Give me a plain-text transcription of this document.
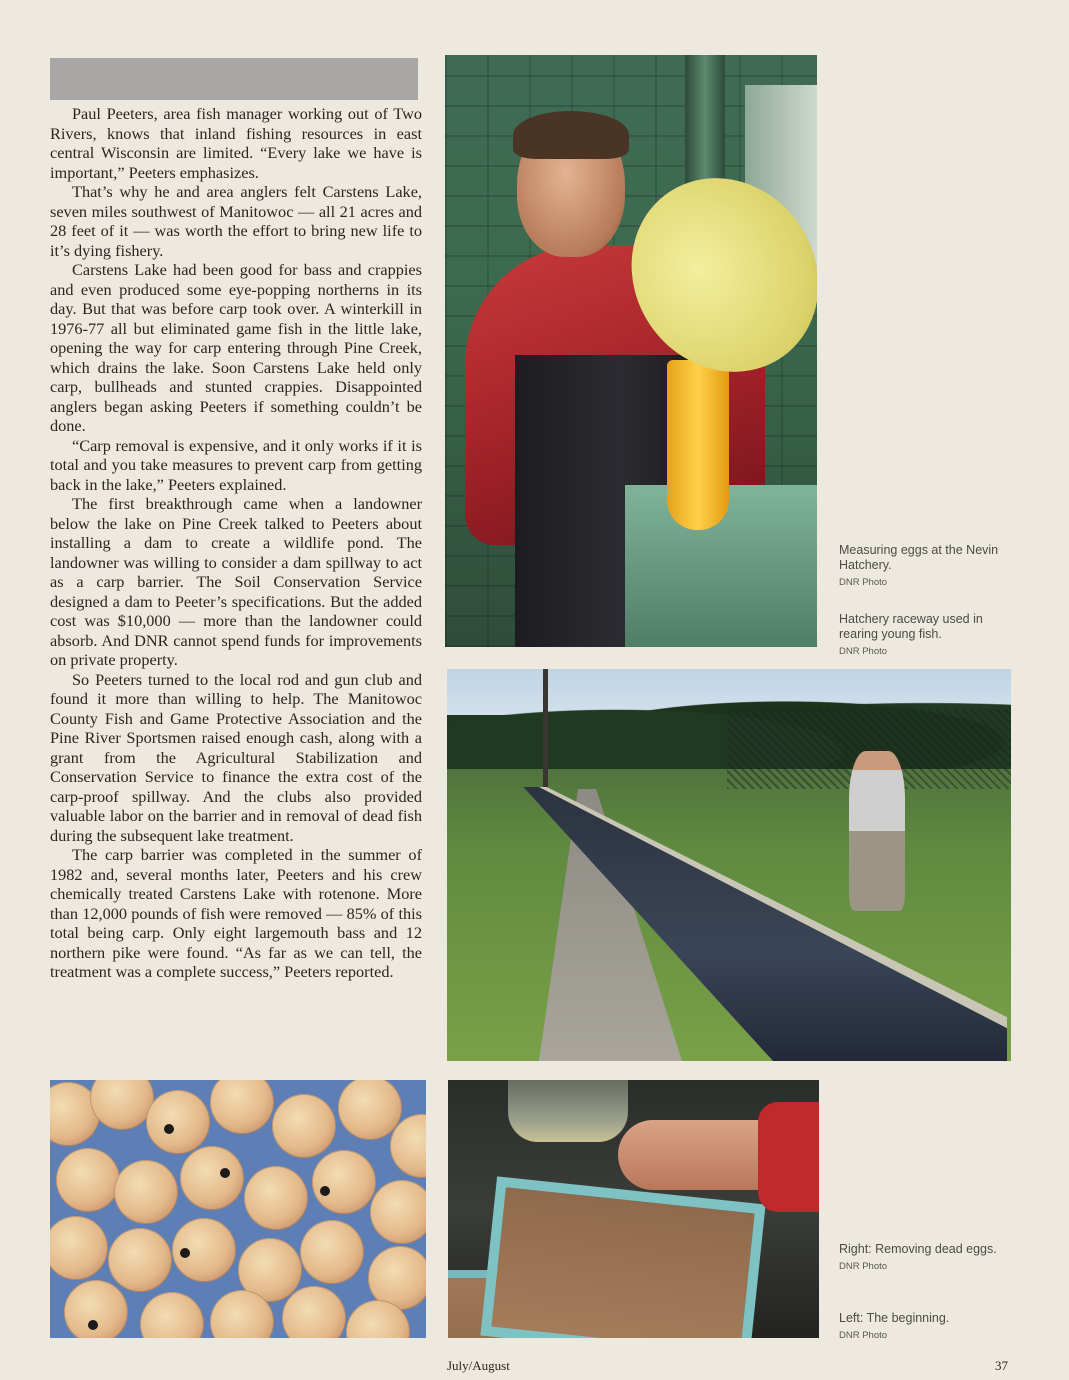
Paul Peeters, area fish manager working out of Two Rivers, knows that inland fishing resources in east central Wisconsin are limited. “Every lake we have is important,” Peeters emphasizes.

That’s why he and area anglers felt Carstens Lake, seven miles southwest of Manitowoc — all 21 acres and 28 feet of it — was worth the effort to bring new life to it’s dying fishery.

Carstens Lake had been good for bass and crappies and even produced some eye-popping northerns in its day. But that was before carp took over. A winterkill in 1976-77 all but eliminated game fish in the little lake, opening the way for carp entering through Pine Creek, which drains the lake. Soon Carstens Lake held only carp, bullheads and stunted crappies. Disappointed anglers began asking Peeters if something couldn’t be done.

“Carp removal is expensive, and it only works if it is total and you take measures to prevent carp from getting back in the lake,” Peeters explained.

The first breakthrough came when a landowner below the lake on Pine Creek talked to Peeters about installing a dam to create a wildlife pond. The landowner was willing to consider a dam spillway to act as a carp barrier. The Soil Conservation Service designed a dam to Peeter’s specifications. But the added cost was $10,000 — more than the landowner could absorb. And DNR cannot spend funds for improvements on private property.

So Peeters turned to the local rod and gun club and found it more than willing to help. The Manitowoc County Fish and Game Protective Association and the Pine River Sportsmen raised enough cash, along with a grant from the Agricultural Stabilization and Conservation Service to finance the extra cost of the carp-proof spillway. And the clubs also provided valuable labor on the barrier and in removal of dead fish during the subsequent lake treatment.

The carp barrier was completed in the summer of 1982 and, several months later, Peeters and his crew chemically treated Carstens Lake with rotenone. More than 12,000 pounds of fish were removed — 85% of this total being carp. Only eight largemouth bass and 12 northern pike were found. “As far as we can tell, the treatment was a complete success,” Peeters reported.

Measuring eggs at the Nevin Hatchery.
DNR Photo
Hatchery raceway used in rearing young fish.
DNR Photo
Right: Removing dead eggs.
DNR Photo
Left: The beginning.
DNR Photo
July/August	37
